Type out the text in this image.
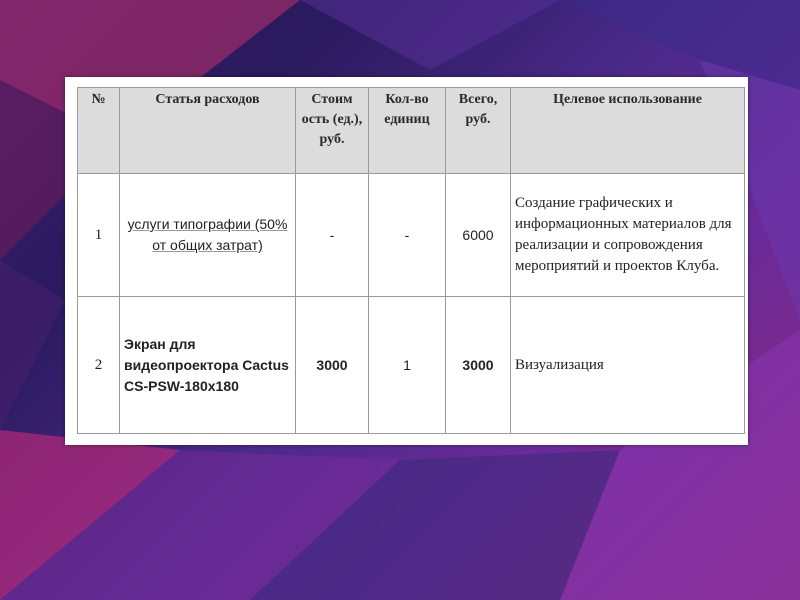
№	Статья расходов	Стоим ость (ед.), руб.	Кол-во единиц	Всего, руб.	Целевое использование
1	услуги типографии (50% от общих затрат)	-	-	6000	Создание графических и информационных материалов для реализации и сопровождения мероприятий и проектов Клуба.
2	Экран для видеопроектора Cactus CS-PSW-180x180	3000	1	3000	Визуализация
